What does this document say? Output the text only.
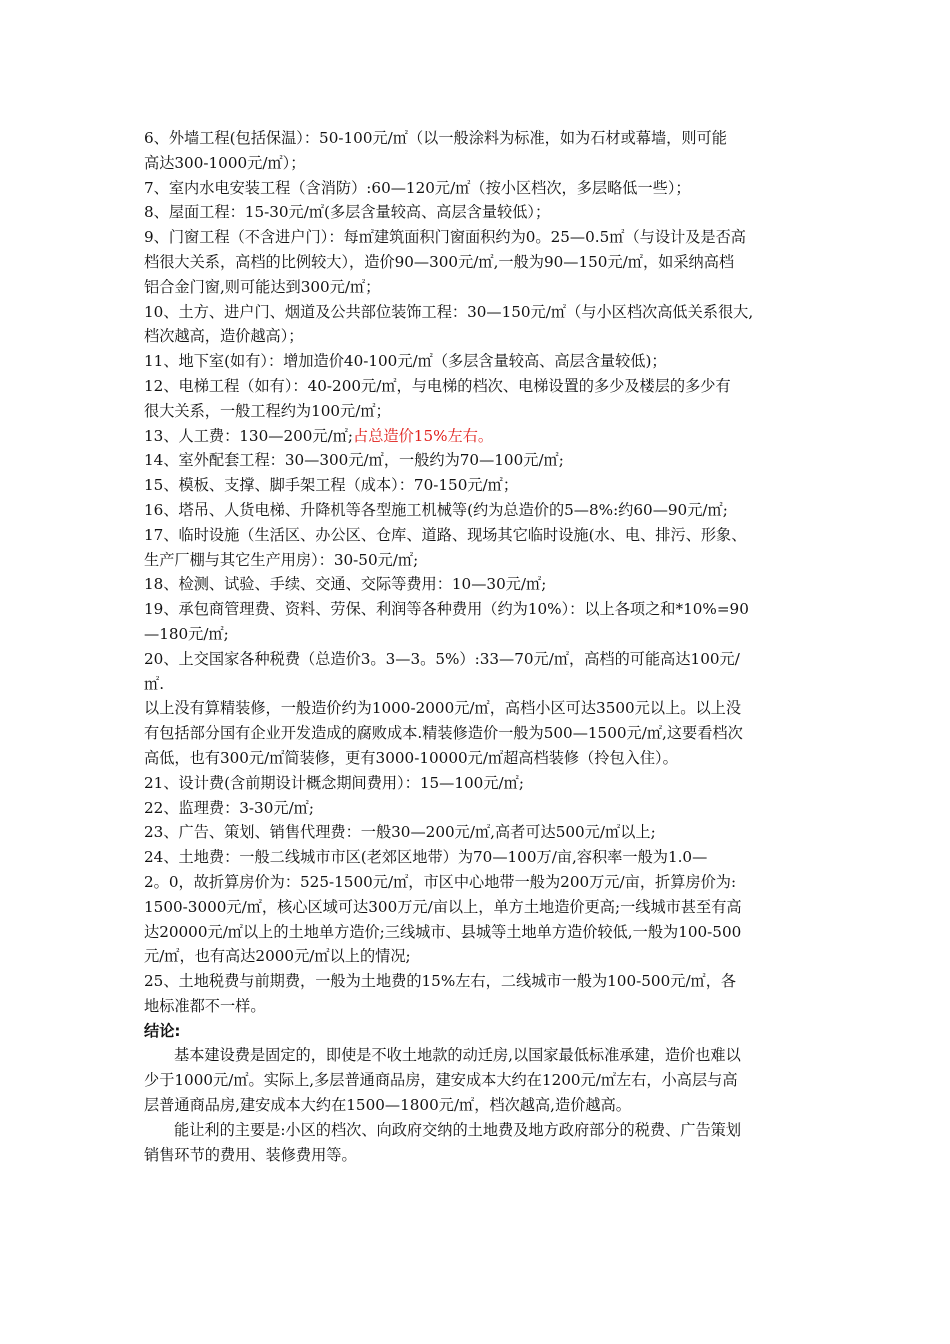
6、外墙工程(包括保温）：50-100元/㎡（以一般涂料为标准，如为石材或幕墙，则可能
高达300-1000元/㎡）；
7、室内水电安装工程（含消防）:60—120元/㎡（按小区档次，多层略低一些）；
8、屋面工程：15-30元/㎡(多层含量较高、高层含量较低）；
9、门窗工程（不含进户门）：每㎡建筑面积门窗面积约为0。25—0.5㎡（与设计及是否高
档很大关系，高档的比例较大），造价90—300元/㎡,一般为90—150元/㎡，如采纳高档
铝合金门窗,则可能达到300元/㎡；
10、土方、进户门、烟道及公共部位装饰工程：30—150元/㎡（与小区档次高低关系很大,
档次越高，造价越高）；
11、地下室(如有）：增加造价40-100元/㎡（多层含量较高、高层含量较低)；
12、电梯工程（如有）：40-200元/㎡，与电梯的档次、电梯设置的多少及楼层的多少有
很大关系，一般工程约为100元/㎡；
13、人工费：130—200元/㎡;占总造价15%左右。
14、室外配套工程：30—300元/㎡，一般约为70—100元/㎡;
15、模板、支撑、脚手架工程（成本）：70-150元/㎡；
16、塔吊、人货电梯、升降机等各型施工机械等(约为总造价的5—8%:约60—90元/㎡;
17、临时设施（生活区、办公区、仓库、道路、现场其它临时设施(水、电、排污、形象、
生产厂棚与其它生产用房）：30-50元/㎡;
18、检测、试验、手续、交通、交际等费用：10—30元/㎡;
19、承包商管理费、资料、劳保、利润等各种费用（约为10%）：以上各项之和*10%=90
—180元/㎡;
20、上交国家各种税费（总造价3。3—3。5%）:33—70元/㎡，高档的可能高达100元/
㎡.
以上没有算精装修，一般造价约为1000-2000元/㎡，高档小区可达3500元以上。以上没
有包括部分国有企业开发造成的腐败成本.精装修造价一般为500—1500元/㎡,这要看档次
高低，也有300元/㎡简装修，更有3000-10000元/㎡超高档装修（拎包入住）。
21、设计费(含前期设计概念期间费用）：15—100元/㎡;
22、监理费：3-30元/㎡;
23、广告、策划、销售代理费：一般30—200元/㎡,高者可达500元/㎡以上;
24、土地费：一般二线城市市区(老郊区地带）为70—100万/亩,容积率一般为1.0—
2。0，故折算房价为：525-1500元/㎡，市区中心地带一般为200万元/亩，折算房价为:
1500-3000元/㎡，核心区域可达300万元/亩以上，单方土地造价更高;一线城市甚至有高
达20000元/㎡以上的土地单方造价;三线城市、县城等土地单方造价较低,一般为100-500
元/㎡，也有高达2000元/㎡以上的情况;
25、土地税费与前期费，一般为土地费的15%左右，二线城市一般为100-500元/㎡，各
地标准都不一样。
结论:
基本建设费是固定的，即使是不收土地款的动迁房,以国家最低标准承建，造价也难以
少于1000元/㎡。实际上,多层普通商品房，建安成本大约在1200元/㎡左右，小高层与高
层普通商品房,建安成本大约在1500—1800元/㎡，档次越高,造价越高。
能让利的主要是:小区的档次、向政府交纳的土地费及地方政府部分的税费、广告策划
销售环节的费用、装修费用等。
